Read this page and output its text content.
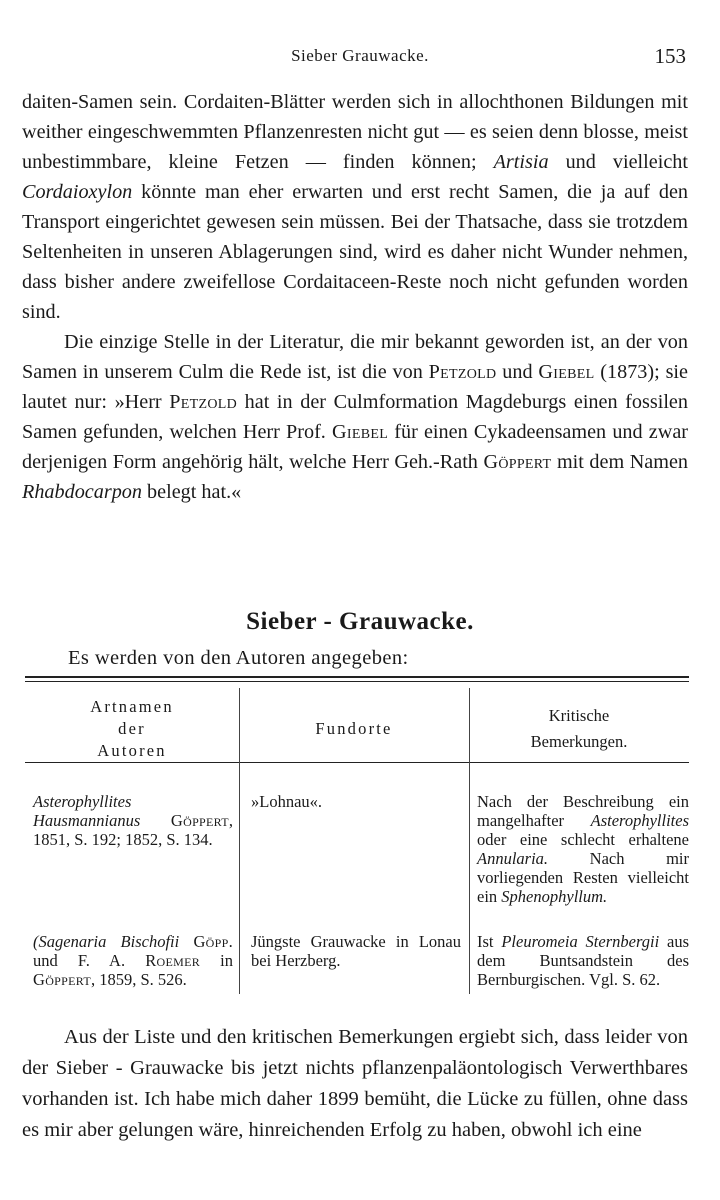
Sieber Grauwacke.	153

daiten-Samen sein. Cordaiten-Blätter werden sich in allochthonen Bildungen mit weither eingeschwemmten Pflanzenresten nicht gut — es seien denn blosse, meist unbestimmbare, kleine Fetzen — finden können; Artisia und vielleicht Cordaioxylon könnte man eher erwarten und erst recht Samen, die ja auf den Transport eingerichtet gewesen sein müssen. Bei der Thatsache, dass sie trotzdem Seltenheiten in unseren Ablagerungen sind, wird es daher nicht Wunder nehmen, dass bisher andere zweifellose Cordaitaceen-Reste noch nicht gefunden worden sind.

Die einzige Stelle in der Literatur, die mir bekannt geworden ist, an der von Samen in unserem Culm die Rede ist, ist die von Petzold und Giebel (1873); sie lautet nur: »Herr Petzold hat in der Culmformation Magdeburgs einen fossilen Samen gefunden, welchen Herr Prof. Giebel für einen Cykadeensamen und zwar derjenigen Form angehörig hält, welche Herr Geh.-Rath Göppert mit dem Namen Rhabdocarpon belegt hat.«

Sieber - Grauwacke.
Es werden von den Autoren angegeben:
Artnamen
der
Autoren
Fundorte
Kritische
Bemerkungen.
Asterophyllites Hausmannianus Göppert, 1851, S. 192; 1852, S. 134.
»Lohnau«.	Nach der Beschreibung ein mangelhafter Asterophyllites oder eine schlecht erhaltene Annularia. Nach mir vorliegenden Resten vielleicht ein Sphenophyllum.
(Sagenaria Bischofii Göpp. und F. A. Roemer in Göppert, 1859, S. 526.
Jüngste Grauwacke in Lonau bei Herzberg.
Ist Pleuromeia Sternbergii aus dem Buntsandstein des Bernburgischen. Vgl. S. 62.

Aus der Liste und den kritischen Bemerkungen ergiebt sich, dass leider von der Sieber - Grauwacke bis jetzt nichts pflanzenpaläontologisch Verwerthbares vorhanden ist. Ich habe mich daher 1899 bemüht, die Lücke zu füllen, ohne dass es mir aber gelungen wäre, hinreichenden Erfolg zu haben, obwohl ich eine
